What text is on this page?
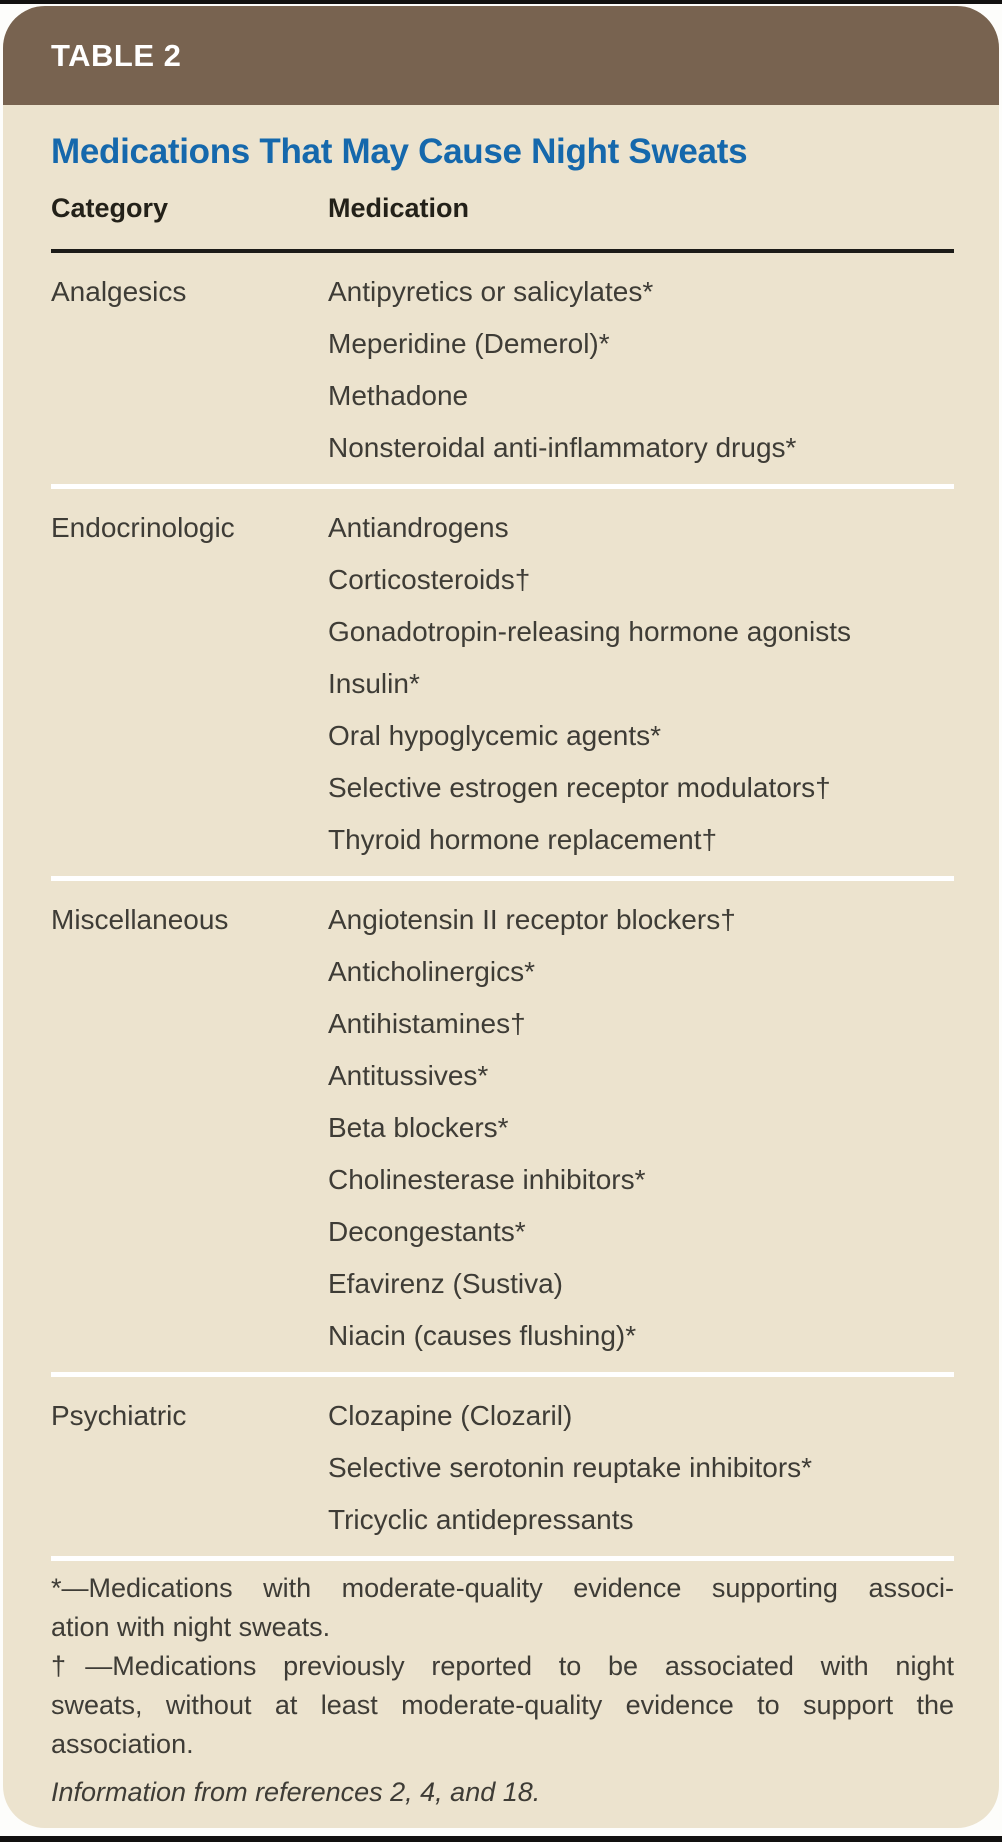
TABLE 2
Medications That May Cause Night Sweats
Category	Medication
Analgesics	Antipyretics or salicylates*
Meperidine (Demerol)*
Methadone
Nonsteroidal anti-inflammatory drugs*
Endocrinologic	Antiandrogens
Corticosteroids†
Gonadotropin-releasing hormone agonists
Insulin*
Oral hypoglycemic agents*
Selective estrogen receptor modulators†
Thyroid hormone replacement†
Miscellaneous	Angiotensin II receptor blockers†
Anticholinergics*
Antihistamines†
Antitussives*
Beta blockers*
Cholinesterase inhibitors*
Decongestants*
Efavirenz (Sustiva)
Niacin (causes flushing)*
Psychiatric	Clozapine (Clozaril)
Selective serotonin reuptake inhibitors*
Tricyclic antidepressants
*—Medications with moderate-quality evidence supporting associ-
ation with night sweats.
†—Medications previously reported to be associated with night
sweats, without at least moderate-quality evidence to support the
association.
Information from references 2, 4, and 18.
